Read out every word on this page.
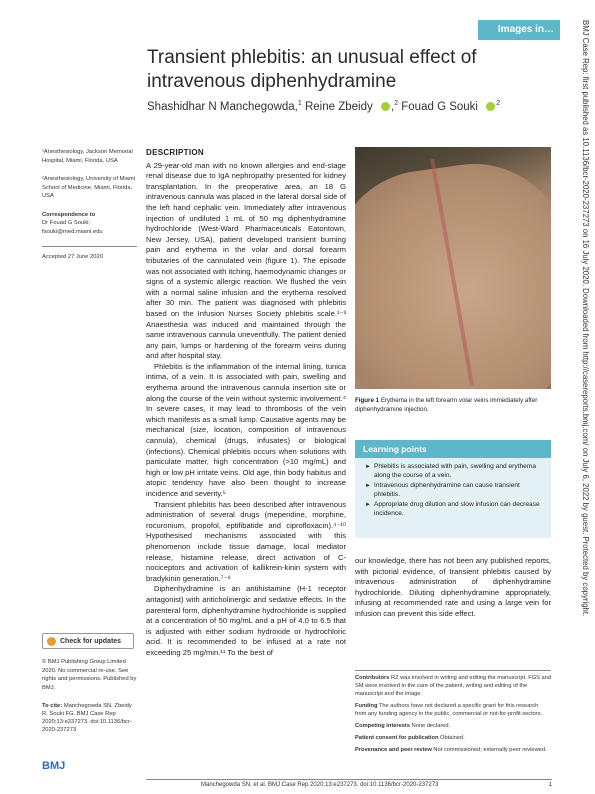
Images in…
Transient phlebitis: an unusual effect of intravenous diphenhydramine
Shashidhar N Manchegowda,$^1$ Reine Zbeidy ,$^2$ Fouad G Souki	$^2$
¹Anesthesiology, Jackson Memorial Hospital, Miami, Florida, USA
²Anesthesiology, University of Miami School of Medicine, Miami, Florida, USA
Correspondence to
Dr Fouad G Souki;
fsouki@med.miami.edu
Accepted 27 June 2020
Check for updates
© BMJ Publishing Group Limited 2020. No commercial re-use. See rights and permissions. Published by BMJ.
To cite: Manchegowda SN, Zbeidy R, Souki FG. BMJ Case Rep 2020;13:e237273. doi:10.1136/bcr-2020-237273
BMJ
DESCRIPTION

A 29-year-old man with no known allergies and end-stage renal disease due to IgA nephropathy presented for kidney transplantation. In the preoperative area, an 18 G intravenous cannula was placed in the lateral dorsal side of the left hand cephalic vein. Immediately after intravenous injection of undiluted 1 mL of 50 mg diphenhydramine hydrochloride (West-Ward Pharmaceuticals Eatontown, New Jersey, USA), patient developed transient burning pain and erythema in the volar and dorsal forearm tributaries of the cannulated vein (figure 1). The episode was not associated with itching, haemodynamic changes or signs of a systemic allergic reaction. We flushed the vein with a normal saline infusion and the erythema resolved after 30 min. The patient was diagnosed with phlebitis based on the Infusion Nurses Society phlebitis scale.¹⁻³ Anaesthesia was induced and maintained through the same intravenous cannula uneventfully. The patient denied any pain, lumps or hardening of the forearm veins during and after hospital stay.

Phlebitis is the inflammation of the internal lining, tunica intima, of a vein. It is associated with pain, swelling and erythema around the intravenous cannula insertion site or along the course of the vein without systemic involvement.⁴ In severe cases, it may lead to thrombosis of the vein which manifests as a small lump. Causative agents may be mechanical (size, location, composition of intravenous cannula), chemical (drugs, infusates) or biological (infections). Chemical phlebitis occurs when solutions with particulate matter, high concentration (>10 mg/mL) and high or low pH irritate veins. Old age, thin body habitus and atopic tendency have also been thought to increase incidence and severity.⁵

Transient phlebitis has been described after intravenous administration of several drugs (meperidine, morphine, rocuronium, propofol, eptifibatide and ciprofloxacin).⁴⁻¹⁰ Hypothesised mechanisms associated with this phenomenon include tissue damage, local mediator release, histamine release, direct activation of C-nociceptors and activation of kallikrein-kinin system with bradykinin generation.⁷⁻⁹

Diphenhydramine is an antihistamine (H-1 receptor antagonist) with anticholinergic and sedative effects. In the parenteral form, diphenhydramine hydrochloride is supplied at a concentration of 50 mg/mL and a pH of 4.0 to 6.5 that is adjusted with either sodium hydroxide or hydrochloric acid. It is recommended to be infused at a rate not exceeding 25 mg/min.¹¹ To the best of

Figure 1 Erythema in the left forearm volar veins immediately after diphenhydramine injection.
Learning points
► Phlebitis is associated with pain, swelling and erythema along the course of a vein.
► Intravenous diphenhydramine can cause transient phlebitis.
► Appropriate drug dilution and slow infusion can decrease incidence.

our knowledge, there has not been any published reports, with pictorial evidence, of transient phlebitis caused by intravenous administration of diphenhydramine hydrochloride. Diluting diphenhydramine appropriately, infusing at recommended rate and using a large vein for infusion can prevent this side effect.

Contributors RZ was involved in writing and editing the manuscript. FGS and SM were involved in the care of the patient, writing and editing of the manuscript and the image.

Funding The authors have not declared a specific grant for this research from any funding agency in the public, commercial or not-for-profit sectors.

Competing interests None declared.

Patient consent for publication Obtained.

Provenance and peer review Not commissioned; externally peer reviewed.

Manchegowda SN, et al. BMJ Case Rep 2020;13:e237273. doi:10.1136/bcr-2020-237273	1
BMJ Case Rep: first published as 10.1136/bcr-2020-237273 on 16 July 2020. Downloaded from http://casereports.bmj.com/ on July 6, 2022 by guest. Protected by copyright.
